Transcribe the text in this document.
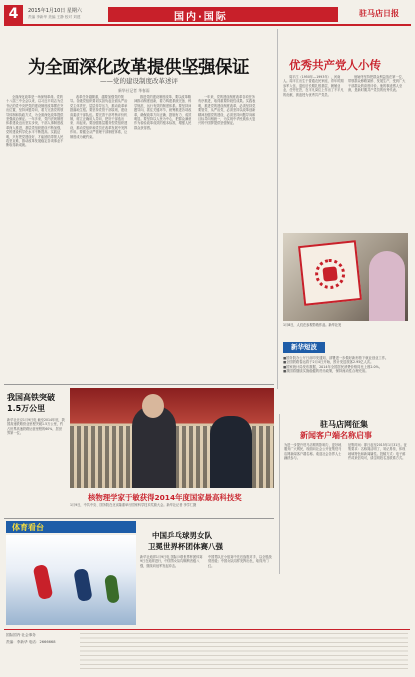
4	2015年1月10日 星期六
责编 李新华 美编 王静 校对 刘建	国内·国际	驻马店日报
为全面深化改革提供坚强保证
——党的建设制度改革述评
新华社记者 华春雨

全面深化改革是一场深刻革命。党的十八届三中全会以来，以习近平同志为总书记的党中央把党的建设制度改革摆在突出位置，坚持问题导向，着力完善党的领导体制和执政方式，为全面深化改革提供坚强政治保证。一年多来，党内法规制度体系建设迈出坚实步伐，干部人事制度改革深入推进，基层党组织建设不断加强，党的建设科学化水平不断提高。实践证明，只有把党建设好，才能团结带领人民攻坚克难，推动改革发展稳定各项事业不断取得新成就。

改革任务越繁重，越要加强党的领导。各级党组织要切实担负起全面从严治党主体责任，层层传导压力，推动改革举措落地生根。要坚持党管干部原则，建设高素质干部队伍。要完善干部考核评价机制，树立正确用人导向，把好干部选出来、用起来。要加强基层服务型党组织建设，推动党组织和党员在改革发展中发挥作用。要健全从严管理干部制度体系，让制度成为硬约束。

推进党的建设制度改革，要以改革精神推动制度创新，着力构建系统完备、科学规范、运行有效的制度体系。要坚持问题导向，抓住关键环节，统筹推进各项改革，确保改革方向正确、措施有力、成效明显。要坚持以人民为中心，把群众满意作为检验改革成效的根本标准，增强人民群众获得感。

一年来，党的建设制度改革各项任务有序推进，取得重要阶段性成果。实践表明，推进党的建设制度改革，必须坚持党要管党、从严治党，必须坚持以改革创新精神加强党的建设，必须坚持问题导向和目标导向相统一，为实现中华民族伟大复兴的中国梦提供坚强保证。

优秀共产党人小传

周平江（1950年—1993年），河南人。周平江出生于普通农民家庭，青年时期参军入伍，退伍后长期扎根基层，兢兢业业，任劳任怨，在平凡岗位上作出了不平凡的贡献，被追授为优秀共产党员。

他始终坚持把群众利益放在第一位，带领群众修路架桥、发展生产，受到广大干部群众的高度评价。他的事迹感人至深，是新时期共产党员的优秀代表。

1月8日，人们在参观剪纸作品。新华社发
新华短波
■国务院办公厅日前印发通知，部署进一步做好新形势下就业创业工作。
■全国铁路春运将于2月4日开始，预计发送旅客2.95亿人次。
■国家统计局发布数据，2014年全国居民消费价格同比上涨2.0%。
■我国将继续实施稳健的货币政策，保持流动性合理充裕。
我国高铁突破1.5万公里
新华社北京1月9日电 截至2014年底，我国高速铁路营业里程突破1.5万公里，约占世界高速铁路运营里程的60%，居世界第一位。
核物理学家于敏获得2014年度国家最高科技奖
1月9日，中共中央、国务院在北京隆重举行国家科学技术奖励大会。新华社记者 李学仁摄
驻马店网征集
新闻客户端名称启事
为进一步提升驻马店网的影响力，更好地服务广大网民，现面向社会公开征集驻马店网新闻客户端名称。欢迎社会各界人士踊跃参与。
征集时间：即日起至2015年1月31日。征集要求：名称简洁明了，易记易传，体现地域特色和新闻属性。投稿方式：电子邮件或来信均可，请注明姓名及联系方式。
体育看台
中国乒乓球男女队
卫冕世界杯团体赛八强
新华社迪拜1月9日电 国际乒联世界杯团体赛9日在迪拜进行，中国男女队均顺利晋级八强，继续向冠军发起冲击。
中国男队在小组赛中先后战胜对手，以全胜战绩晋级；中国女队同样发挥出色，取得开门红。
国际国内·社会事务
责编：李新华 电话：2666668
